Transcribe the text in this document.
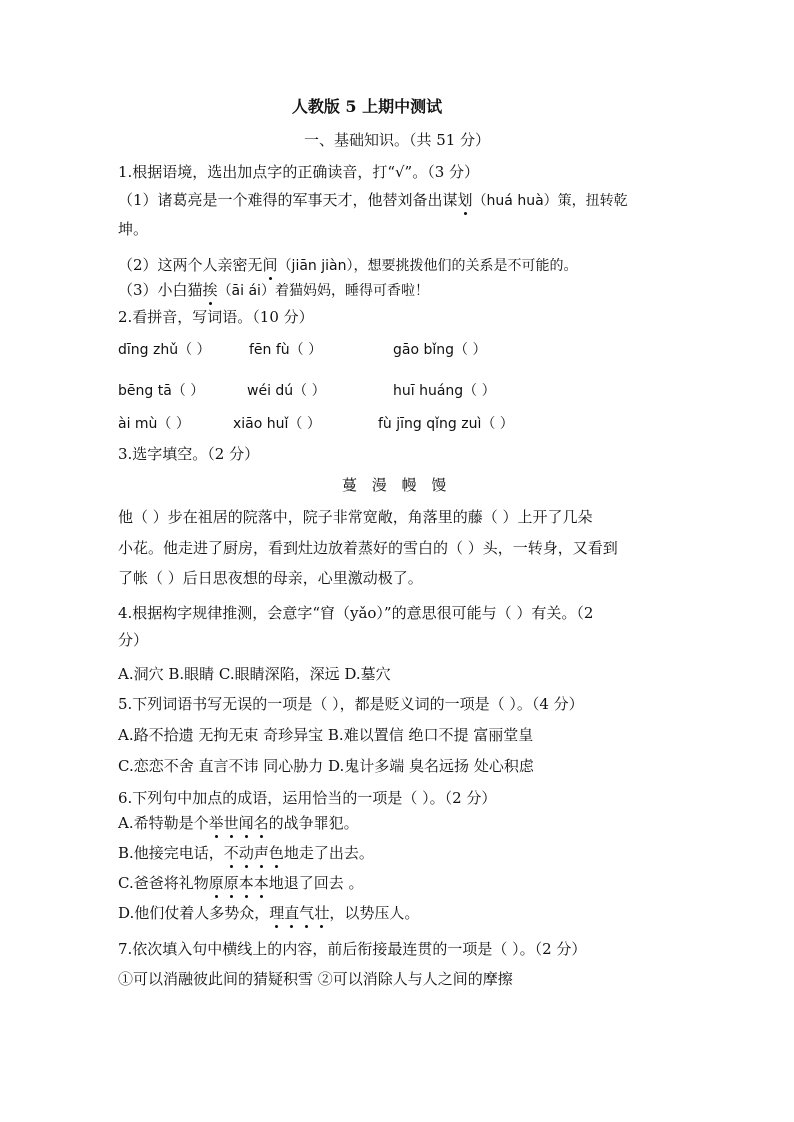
人教版 5 上期中测试
一、基础知识。（共 51 分）
1.根据语境，选出加点字的正确读音，打“√”。（3 分）
（1）诸葛亮是一个难得的军事天才，他替刘备出谋划（huá huà）策，扭转乾
坤。
（2）这两个人亲密无间（jiān jiàn），想要挑拨他们的关系是不可能的。
（3）小白猫挨（āi ái）着猫妈妈，睡得可香啦！
2.看拼音，写词语。（10 分）
dīng zhǔ（ ）	fēn fù（ ）	gāo bǐng（ ）
bēng tā（ ）	wéi dú（ ）	huī huáng（ ）
ài mù（ ）	xiāo huǐ（ ）	fù jīng qǐng zuì（ ）
3.选字填空。（2 分）
蔓 漫 幔 馒
他（ ）步在祖居的院落中，院子非常宽敞，角落里的藤（ ）上开了几朵
小花。他走进了厨房，看到灶边放着蒸好的雪白的（ ）头，一转身，又看到
了帐（ ）后日思夜想的母亲，心里激动极了。
4.根据构字规律推测，会意字“窅（yǎo）”的意思很可能与（ ）有关。（2
分）
A.洞穴 B.眼睛 C.眼睛深陷，深远 D.墓穴
5.下列词语书写无误的一项是（ ），都是贬义词的一项是（ ）。（4 分）
A.路不拾遗 无拘无束 奇珍异宝 B.难以置信 绝口不提 富丽堂皇
C.恋恋不舍 直言不讳 同心胁力 D.鬼计多端 臭名远扬 处心积虑
6.下列句中加点的成语，运用恰当的一项是（ ）。（2 分）
A.希特勒是个举世闻名的战争罪犯。
B.他接完电话，不动声色地走了出去。
C.爸爸将礼物原原本本地退了回去 。
D.他们仗着人多势众，理直气壮，以势压人。
7.依次填入句中横线上的内容，前后衔接最连贯的一项是（ ）。（2 分）
①可以消融彼此间的猜疑积雪 ②可以消除人与人之间的摩擦
